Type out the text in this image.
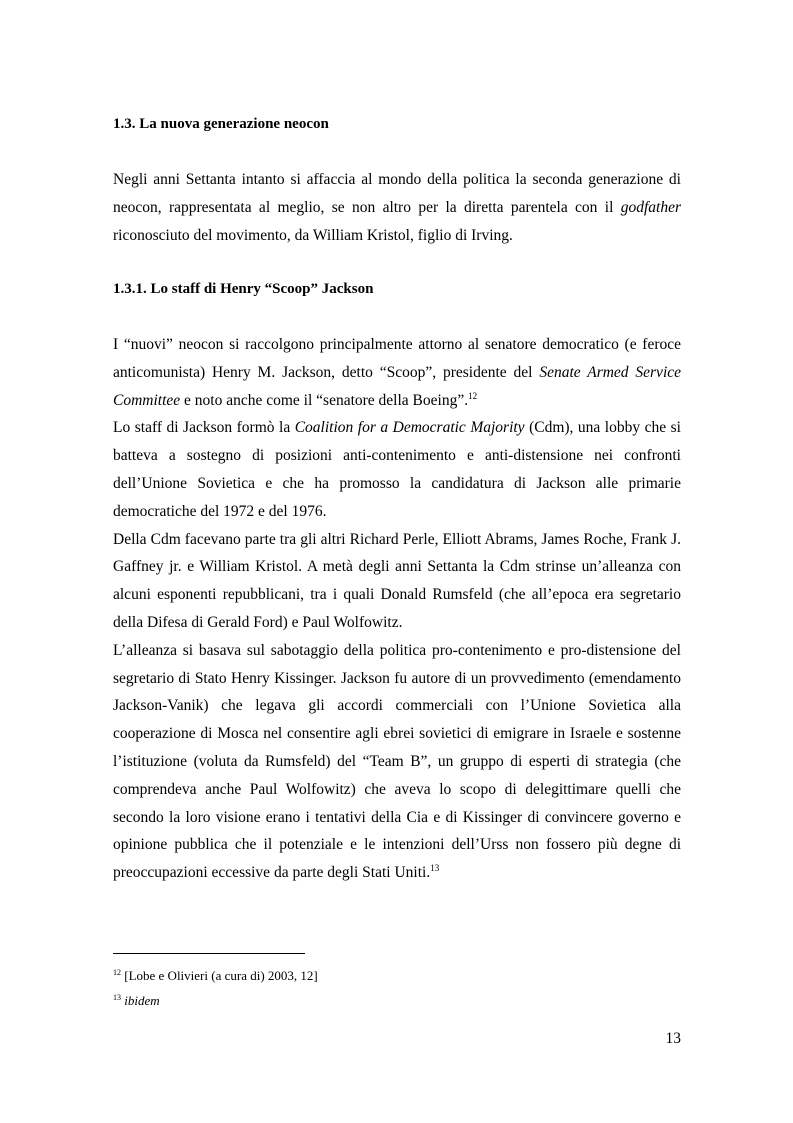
1.3. La nuova generazione neocon

Negli anni Settanta intanto si affaccia al mondo della politica la seconda generazione di neocon, rappresentata al meglio, se non altro per la diretta parentela con il godfather riconosciuto del movimento, da William Kristol, figlio di Irving.

1.3.1. Lo staff di Henry “Scoop” Jackson

I “nuovi” neocon si raccolgono principalmente attorno al senatore democratico (e feroce anticomunista) Henry M. Jackson, detto “Scoop”, presidente del Senate Armed Service Committee e noto anche come il “senatore della Boeing”.$^{12}$

Lo staff di Jackson formò la Coalition for a Democratic Majority (Cdm), una lobby che si batteva a sostegno di posizioni anti-contenimento e anti-distensione nei confronti dell’Unione Sovietica e che ha promosso la candidatura di Jackson alle primarie democratiche del 1972 e del 1976.

Della Cdm facevano parte tra gli altri Richard Perle, Elliott Abrams, James Roche, Frank J. Gaffney jr. e William Kristol. A metà degli anni Settanta la Cdm strinse un’alleanza con alcuni esponenti repubblicani, tra i quali Donald Rumsfeld (che all’epoca era segretario della Difesa di Gerald Ford) e Paul Wolfowitz.

L’alleanza si basava sul sabotaggio della politica pro-contenimento e pro-distensione del segretario di Stato Henry Kissinger. Jackson fu autore di un provvedimento (emendamento Jackson-Vanik) che legava gli accordi commerciali con l’Unione Sovietica alla cooperazione di Mosca nel consentire agli ebrei sovietici di emigrare in Israele e sostenne l’istituzione (voluta da Rumsfeld) del “Team B”, un gruppo di esperti di strategia (che comprendeva anche Paul Wolfowitz) che aveva lo scopo di delegittimare quelli che secondo la loro visione erano i tentativi della Cia e di Kissinger di convincere governo e opinione pubblica che il potenziale e le intenzioni dell’Urss non fossero più degne di preoccupazioni eccessive da parte degli Stati Uniti.$^{13}$

$^{12}$ [Lobe e Olivieri (a cura di) 2003, 12]
$^{13}$ ibidem
13
